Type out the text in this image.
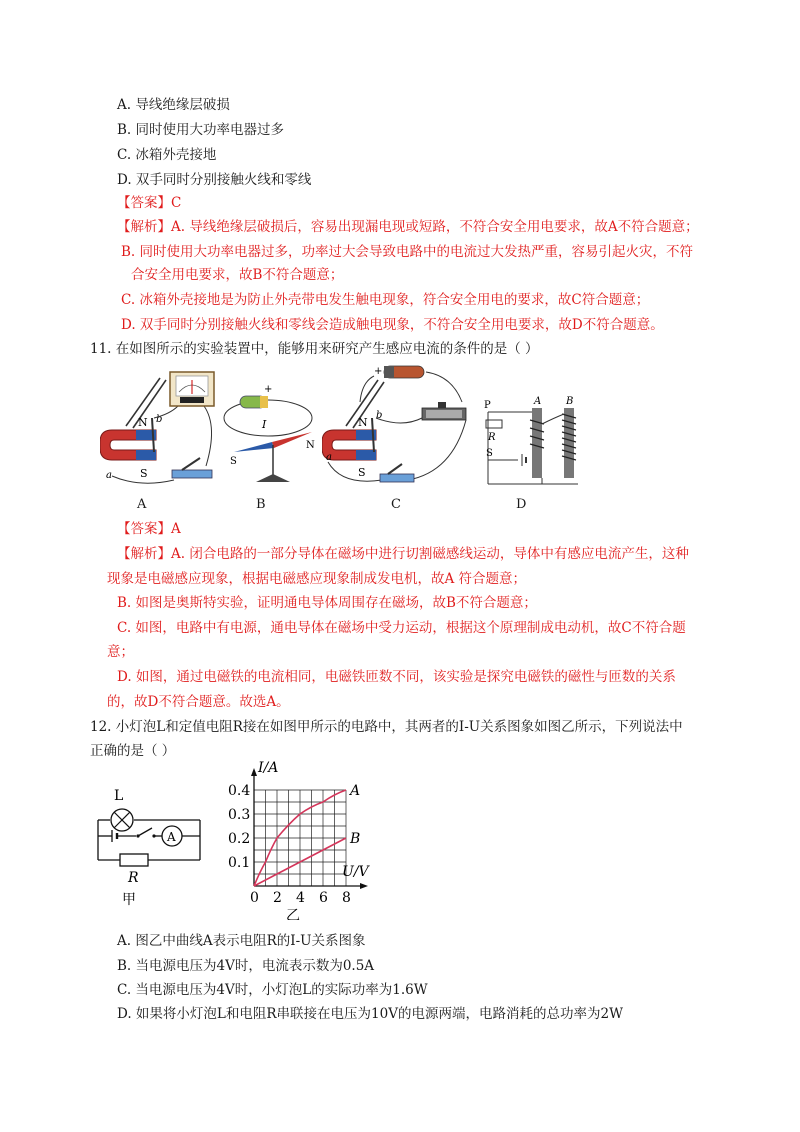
A. 导线绝缘层破损
B. 同时使用大功率电器过多
C. 冰箱外壳接地
D. 双手同时分别接触火线和零线
【答案】C
【解析】A. 导线绝缘层破损后，容易出现漏电现或短路，不符合安全用电要求，故A不符合题意；
B. 同时使用大功率电器过多，功率过大会导致电路中的电流过大发热严重，容易引起火灾，不符
合安全用电要求，故B不符合题意；
C. 冰箱外壳接地是为防止外壳带电发生触电现象，符合安全用电的要求，故C符合题意；
D. 双手同时分别接触火线和零线会造成触电现象，不符合安全用电要求，故D不符合题意。
11. 在如图所示的实验装置中，能够用来研究产生感应电流的条件的是（ ）
N
S
a
b
A
+
I
S
N
B
N
S
a
b
+
C
P
R
S
A B
D
【答案】A
【解析】A. 闭合电路的一部分导体在磁场中进行切割磁感线运动，导体中有感应电流产生，这种
现象是电磁感应现象，根据电磁感应现象制成发电机，故A 符合题意；
B. 如图是奥斯特实验，证明通电导体周围存在磁场，故B不符合题意；
C. 如图，电路中有电源，通电导体在磁场中受力运动，根据这个原理制成电动机，故C不符合题
意；
D. 如图，通过电磁铁的电流相同，电磁铁匝数不同，该实验是探究电磁铁的磁性与匝数的关系
的，故D不符合题意。故选A。
12. 小灯泡L和定值电阻R接在如图甲所示的电路中，其两者的I-U关系图象如图乙所示，下列说法中
正确的是（ ）
L
A
R
甲	0 2 4 6 8
0.1
0.2
0.3
0.4	A
B
I/A
U/V
乙
A. 图乙中曲线A表示电阻R的I-U关系图象
B. 当电源电压为4V时，电流表示数为0.5A
C. 当电源电压为4V时，小灯泡L的实际功率为1.6W
D. 如果将小灯泡L和电阻R串联接在电压为10V的电源两端，电路消耗的总功率为2W
